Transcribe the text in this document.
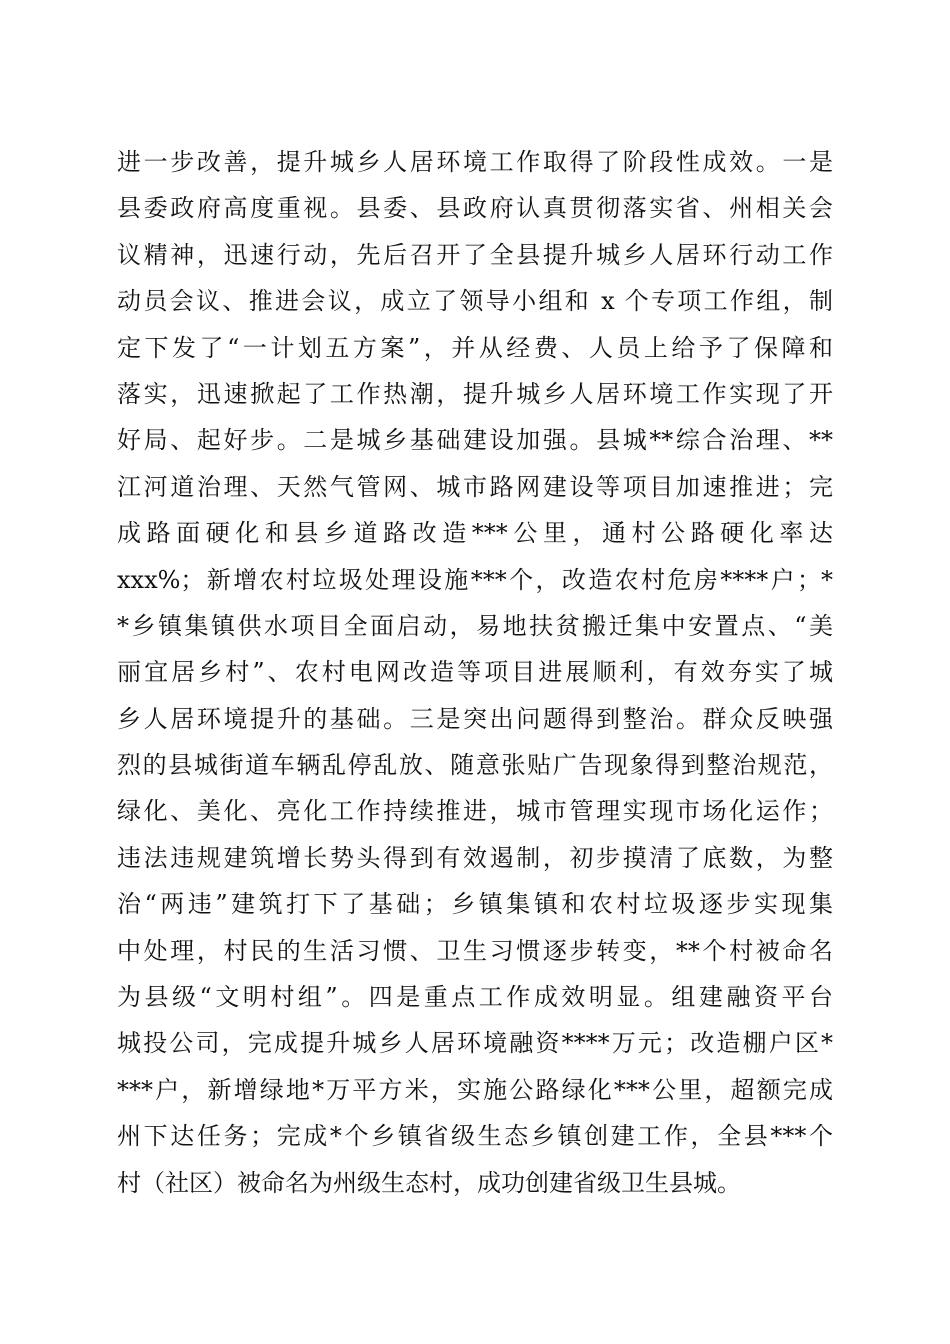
进一步改善，提升城乡人居环境工作取得了阶段性成效。一是
县委政府高度重视。县委、县政府认真贯彻落实省、州相关会
议精神，迅速行动，先后召开了全县提升城乡人居环行动工作
动员会议、推进会议，成立了领导小组和 x 个专项工作组，制
定下发了“一计划五方案”，并从经费、人员上给予了保障和
落实，迅速掀起了工作热潮，提升城乡人居环境工作实现了开
好局、起好步。二是城乡基础建设加强。县城**综合治理、**
江河道治理、天然气管网、城市路网建设等项目加速推进；完
成路面硬化和县乡道路改造***公里，通村公路硬化率达
xxx%；新增农村垃圾处理设施***个，改造农村危房****户；*
*乡镇集镇供水项目全面启动，易地扶贫搬迁集中安置点、“美
丽宜居乡村”、农村电网改造等项目进展顺利，有效夯实了城
乡人居环境提升的基础。三是突出问题得到整治。群众反映强
烈的县城街道车辆乱停乱放、随意张贴广告现象得到整治规范，
绿化、美化、亮化工作持续推进，城市管理实现市场化运作；
违法违规建筑增长势头得到有效遏制，初步摸清了底数，为整
治“两违”建筑打下了基础；乡镇集镇和农村垃圾逐步实现集
中处理，村民的生活习惯、卫生习惯逐步转变，**个村被命名
为县级“文明村组”。四是重点工作成效明显。组建融资平台
城投公司，完成提升城乡人居环境融资****万元；改造棚户区*
***户，新增绿地*万平方米，实施公路绿化***公里，超额完成
州下达任务；完成*个乡镇省级生态乡镇创建工作，全县***个
村（社区）被命名为州级生态村，成功创建省级卫生县城。
